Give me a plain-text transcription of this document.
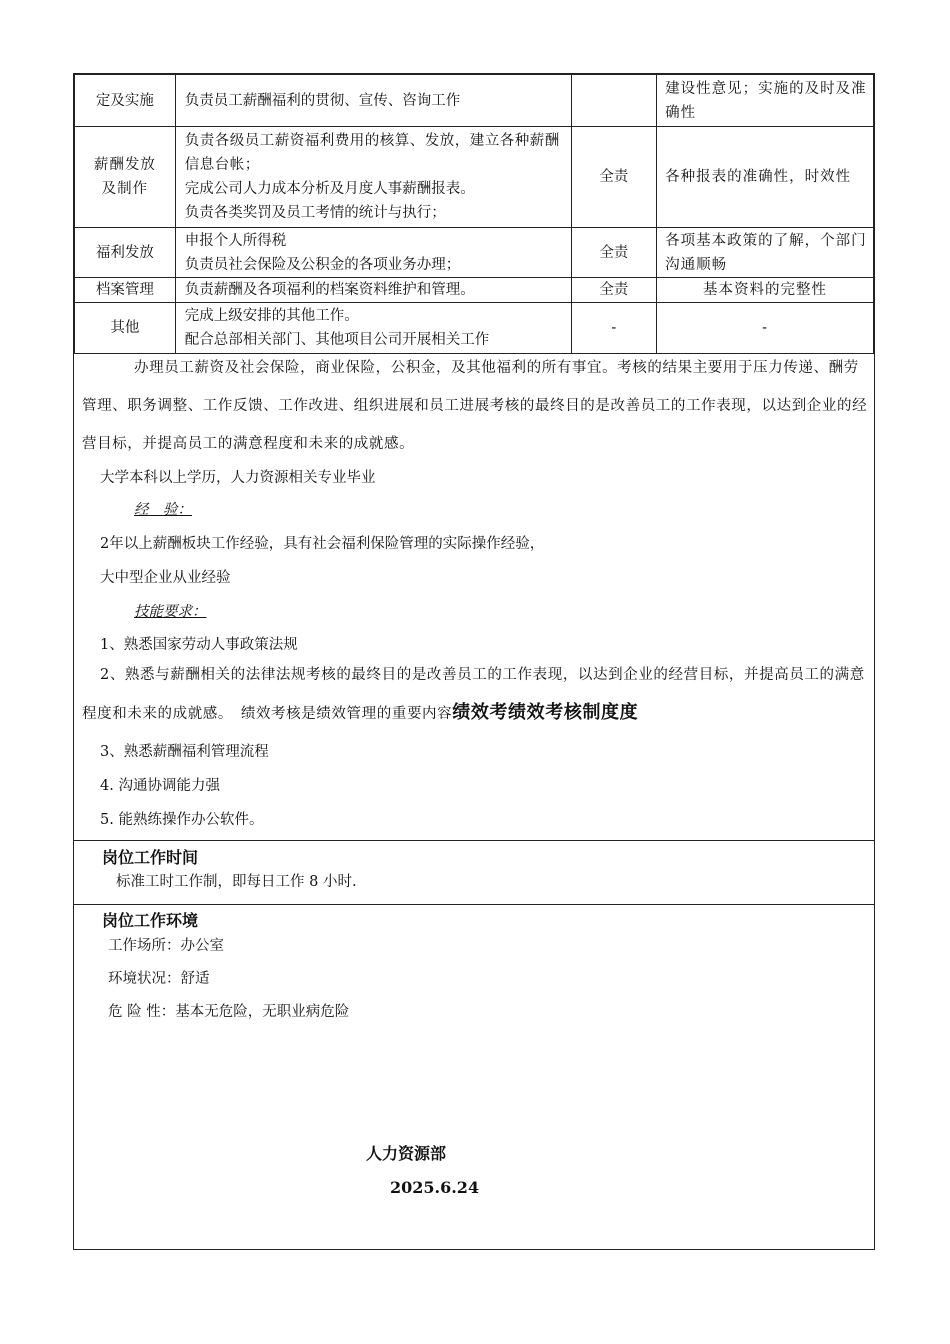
定及实施	负责员工薪酬福利的贯彻、宣传、咨询工作		建设性意见；实施的及时及准确性

薪酬发放及制作	负责各级员工薪资福利费用的核算、发放，建立各种薪酬信息台帐；
完成公司人力成本分析及月度人事薪酬报表。
负责各类奖罚及员工考情的统计与执行；	全责	各种报表的准确性，时效性
福利发放	申报个人所得税
负责员社会保险及公积金的各项业务办理；	全责	各项基本政策的了解，个部门沟通顺畅
档案管理	负责薪酬及各项福利的档案资料维护和管理。	全责	基本资料的完整性
其他	完成上级安排的其他工作。
配合总部相关部门、其他项目公司开展相关工作	-	-
办理员工薪资及社会保险，商业保险，公积金，及其他福利的所有事宜。考核的结果主要用于压力传递、酬劳管理、职务调整、工作反馈、工作改进、组织进展和员工进展考核的最终目的是改善员工的工作表现，以达到企业的经营目标，并提高员工的满意程度和未来的成就感。
大学本科以上学历，人力资源相关专业毕业
经　验：
2年以上薪酬板块工作经验，具有社会福利保险管理的实际操作经验，
大中型企业从业经验
技能要求：
1、熟悉国家劳动人事政策法规
2、熟悉与薪酬相关的法律法规考核的最终目的是改善员工的工作表现，以达到企业的经营目标，并提高员工的满意程度和未来的成就感。　绩效考核是绩效管理的重要内容绩效考绩效考核制度度
3、熟悉薪酬福利管理流程
4. 沟通协调能力强
5. 能熟练操作办公软件。
岗位工作时间
标准工时工作制，即每日工作 8 小时.
岗位工作环境
工作场所：办公室
环境状况：舒适
危 险 性：基本无危险，无职业病危险
人力资源部
2025.6.24
